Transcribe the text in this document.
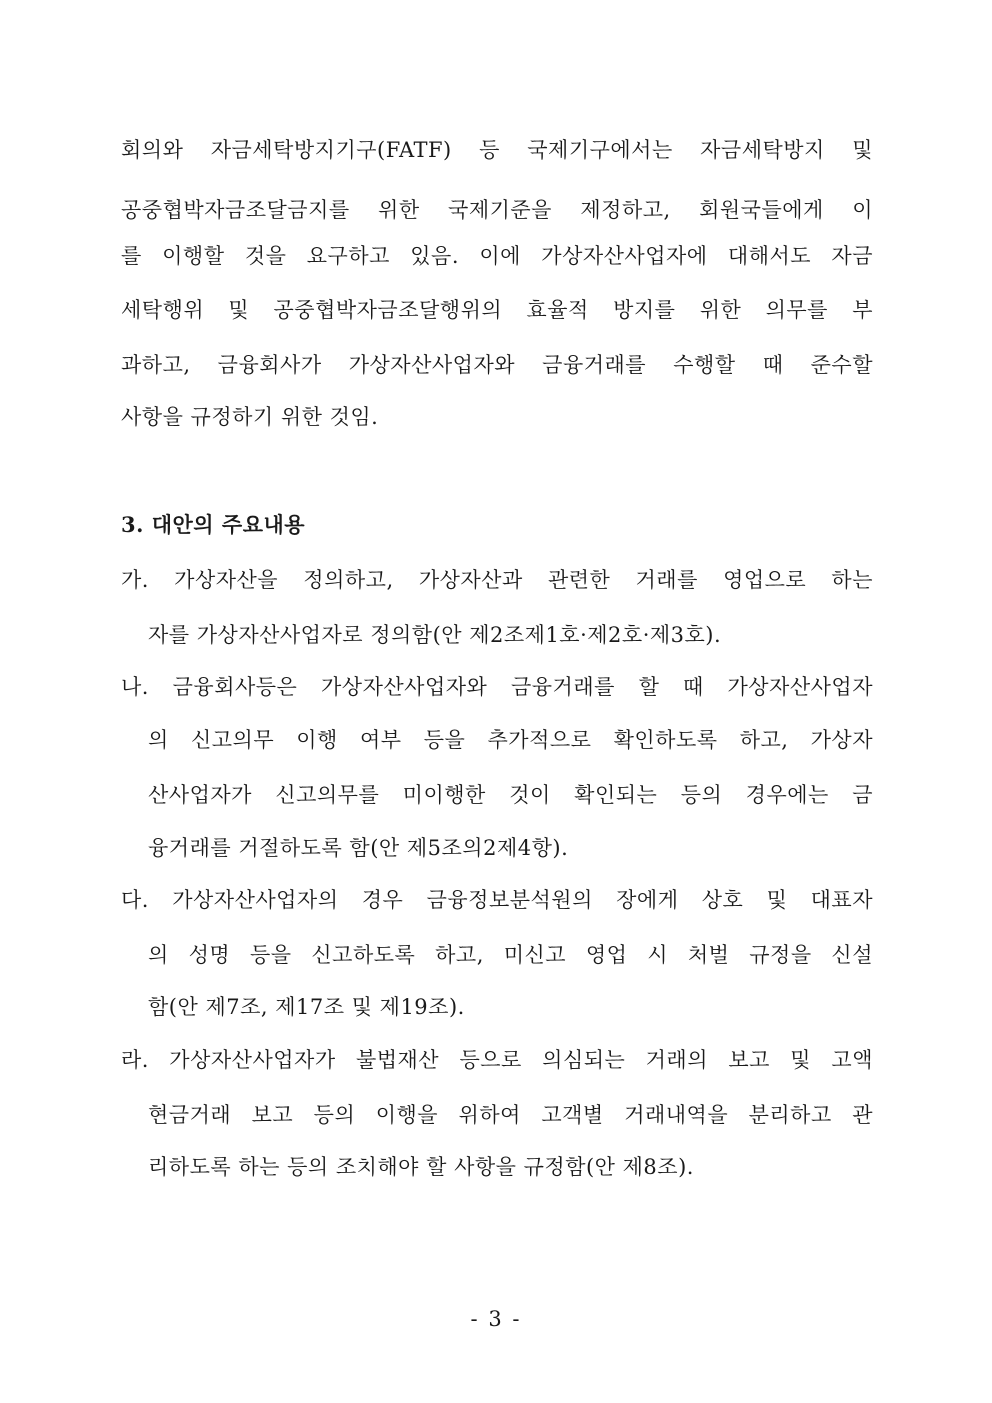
회의와 자금세탁방지기구(FATF) 등 국제기구에서는 자금세탁방지 및
공중협박자금조달금지를 위한 국제기준을 제정하고, 회원국들에게 이
를 이행할 것을 요구하고 있음. 이에 가상자산사업자에 대해서도 자금
세탁행위 및 공중협박자금조달행위의 효율적 방지를 위한 의무를 부
과하고, 금융회사가 가상자산사업자와 금융거래를 수행할 때 준수할
사항을 규정하기 위한 것임.
3. 대안의 주요내용
가. 가상자산을 정의하고, 가상자산과 관련한 거래를 영업으로 하는
자를 가상자산사업자로 정의함(안 제2조제1호·제2호·제3호).
나. 금융회사등은 가상자산사업자와 금융거래를 할 때 가상자산사업자
의 신고의무 이행 여부 등을 추가적으로 확인하도록 하고, 가상자
산사업자가 신고의무를 미이행한 것이 확인되는 등의 경우에는 금
융거래를 거절하도록 함(안 제5조의2제4항).
다. 가상자산사업자의 경우 금융정보분석원의 장에게 상호 및 대표자
의 성명 등을 신고하도록 하고, 미신고 영업 시 처벌 규정을 신설
함(안 제7조, 제17조 및 제19조).
라. 가상자산사업자가 불법재산 등으로 의심되는 거래의 보고 및 고액
현금거래 보고 등의 이행을 위하여 고객별 거래내역을 분리하고 관
리하도록 하는 등의 조치해야 할 사항을 규정함(안 제8조).
- 3 -
